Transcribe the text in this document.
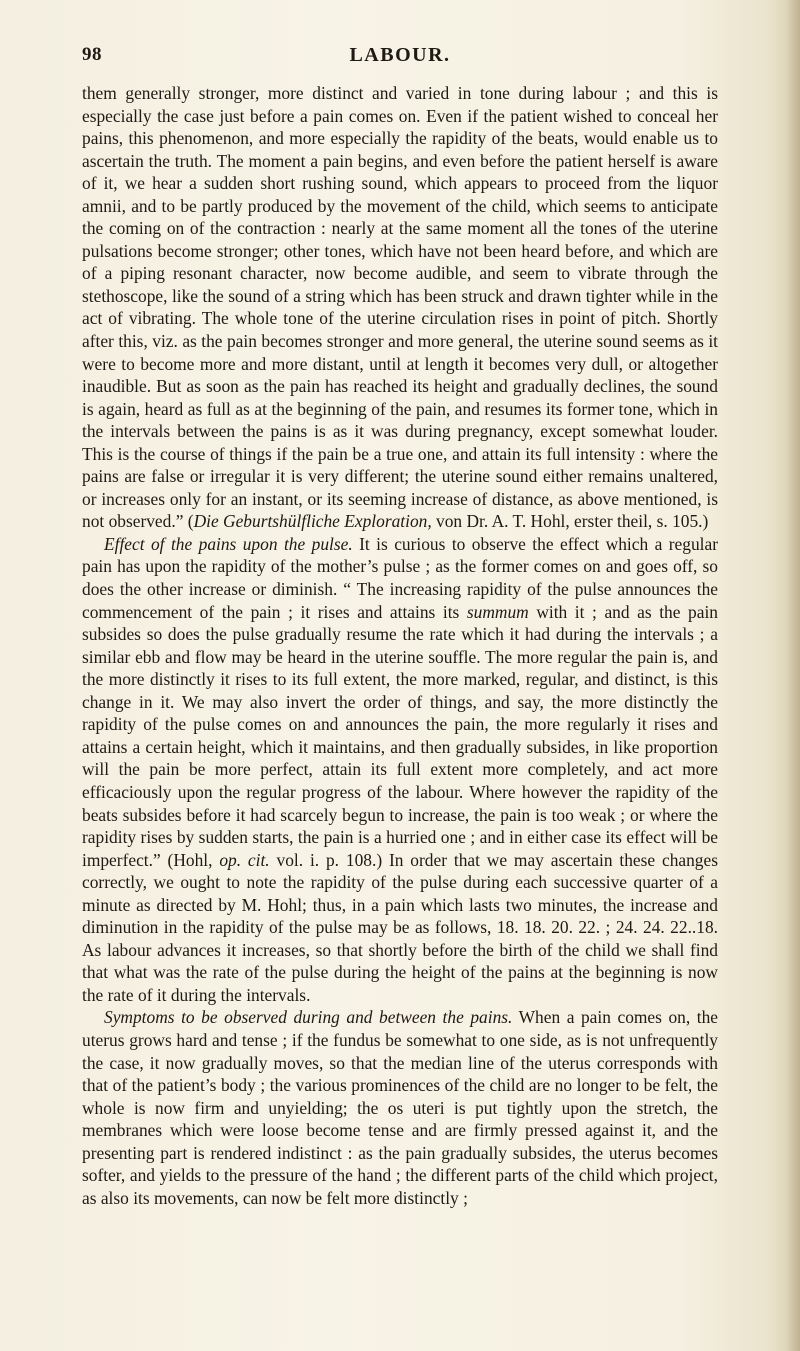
98	LABOUR.

them generally stronger, more distinct and varied in tone during labour ; and this is especially the case just before a pain comes on. Even if the patient wished to conceal her pains, this phenomenon, and more especially the rapidity of the beats, would enable us to ascertain the truth. The moment a pain begins, and even before the patient herself is aware of it, we hear a sudden short rushing sound, which appears to proceed from the liquor amnii, and to be partly produced by the movement of the child, which seems to anticipate the coming on of the contraction : nearly at the same moment all the tones of the uterine pulsations become stronger; other tones, which have not been heard before, and which are of a piping resonant character, now become audible, and seem to vibrate through the stethoscope, like the sound of a string which has been struck and drawn tighter while in the act of vibrating. The whole tone of the uterine circulation rises in point of pitch. Shortly after this, viz. as the pain becomes stronger and more general, the uterine sound seems as it were to become more and more distant, until at length it becomes very dull, or altogether inaudible. But as soon as the pain has reached its height and gradually declines, the sound is again, heard as full as at the beginning of the pain, and resumes its former tone, which in the intervals between the pains is as it was during pregnancy, except somewhat louder. This is the course of things if the pain be a true one, and attain its full intensity : where the pains are false or irregular it is very different; the uterine sound either remains unaltered, or increases only for an instant, or its seeming increase of distance, as above mentioned, is not observed.” (Die Geburtshülfliche Exploration, von Dr. A. T. Hohl, erster theil, s. 105.)

Effect of the pains upon the pulse. It is curious to observe the effect which a regular pain has upon the rapidity of the mother’s pulse ; as the former comes on and goes off, so does the other increase or diminish. “ The increasing rapidity of the pulse announces the commencement of the pain ; it rises and attains its summum with it ; and as the pain subsides so does the pulse gradually resume the rate which it had during the intervals ; a similar ebb and flow may be heard in the uterine souffle. The more regular the pain is, and the more distinctly it rises to its full extent, the more marked, regular, and distinct, is this change in it. We may also invert the order of things, and say, the more distinctly the rapidity of the pulse comes on and announces the pain, the more regularly it rises and attains a certain height, which it maintains, and then gradually subsides, in like proportion will the pain be more perfect, attain its full extent more completely, and act more efficaciously upon the regular progress of the labour. Where however the rapidity of the beats subsides before it had scarcely begun to increase, the pain is too weak ; or where the rapidity rises by sudden starts, the pain is a hurried one ; and in either case its effect will be imperfect.” (Hohl, op. cit. vol. i. p. 108.) In order that we may ascertain these changes correctly, we ought to note the rapidity of the pulse during each successive quarter of a minute as directed by M. Hohl; thus, in a pain which lasts two minutes, the increase and diminution in the rapidity of the pulse may be as follows, 18. 18. 20. 22. ; 24. 24. 22..18. As labour advances it increases, so that shortly before the birth of the child we shall find that what was the rate of the pulse during the height of the pains at the beginning is now the rate of it during the intervals.

Symptoms to be observed during and between the pains. When a pain comes on, the uterus grows hard and tense ; if the fundus be somewhat to one side, as is not unfrequently the case, it now gradually moves, so that the median line of the uterus corresponds with that of the patient’s body ; the various prominences of the child are no longer to be felt, the whole is now firm and unyielding; the os uteri is put tightly upon the stretch, the membranes which were loose become tense and are firmly pressed against it, and the presenting part is rendered indistinct : as the pain gradually subsides, the uterus becomes softer, and yields to the pressure of the hand ; the different parts of the child which project, as also its movements, can now be felt more distinctly ;
